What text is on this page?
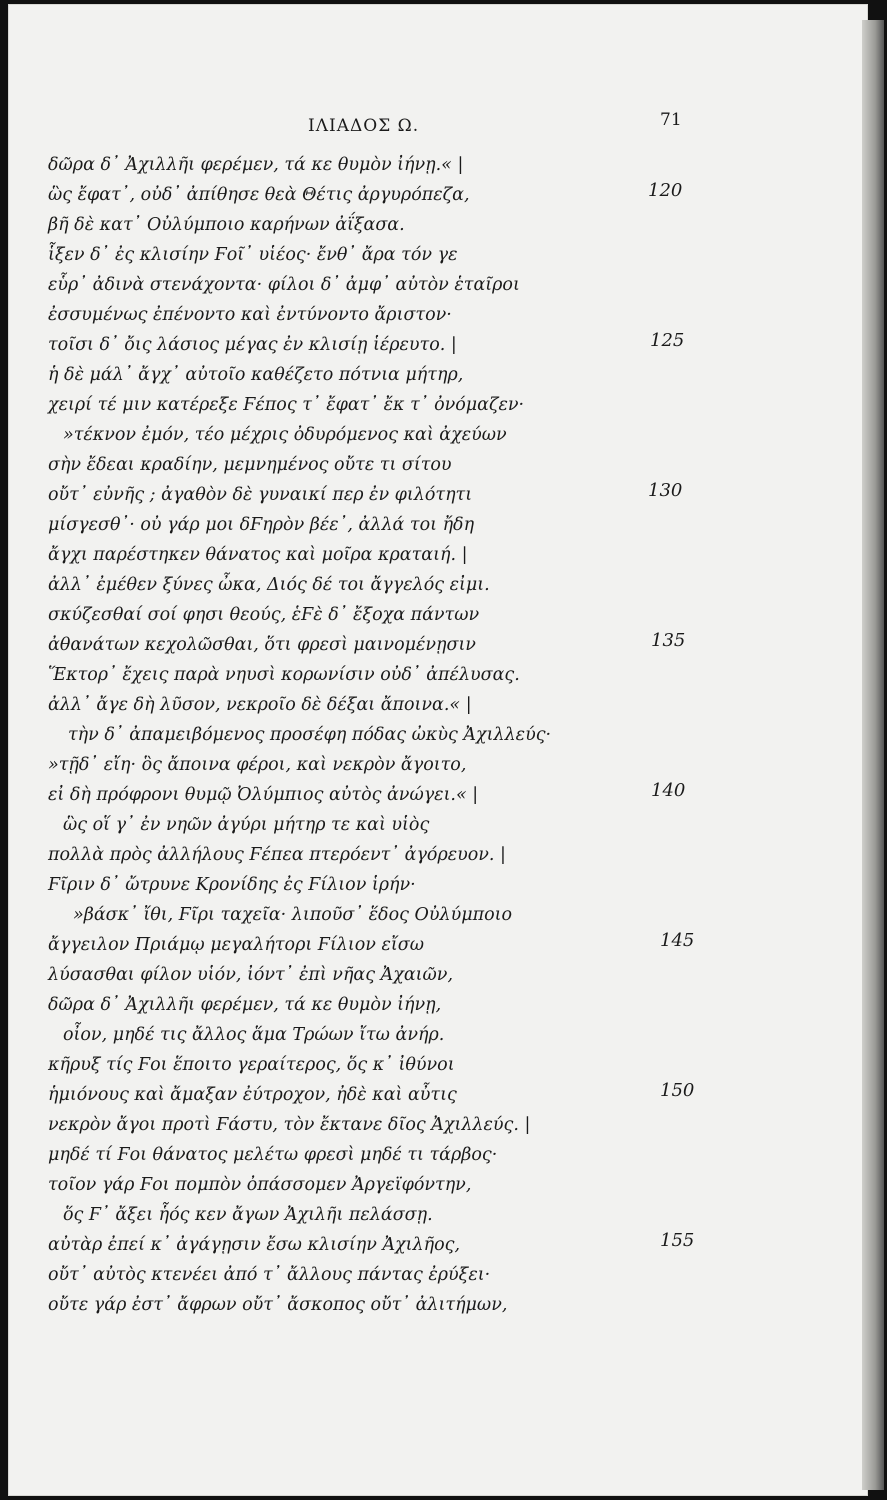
ΙΛΙΑΔΟΣ Ω.	71
δῶρα δ᾽ Ἀχιλλῆι φερέμεν, τά κε θυμὸν ἰήνῃ.« |
ὣς ἔφατ᾽, οὐδ᾽ ἀπίθησε θεὰ Θέτις ἀργυρόπεζα,
βῆ δὲ κατ᾽ Οὐλύμποιο καρήνων ἀΐξασα.
ἷξεν δ᾽ ἐς κλισίην Ϝοῖ᾽ υἱέος· ἔνθ᾽ ἄρα τόν γε
εὗρ᾽ ἀδινὰ στενάχοντα· φίλοι δ᾽ ἀμφ᾽ αὐτὸν ἑταῖροι
ἐσσυμένως ἐπένοντο καὶ ἐντύνοντο ἄριστον·
τοῖσι δ᾽ ὄις λάσιος μέγας ἐν κλισίῃ ἱέρευτο. |
ἡ δὲ μάλ᾽ ἄγχ᾽ αὐτοῖο καθέζετο πότνια μήτηρ,
χειρί τέ μιν κατέρεξε Ϝέπος τ᾽ ἔφατ᾽ ἔκ τ᾽ ὀνόμαζεν·
»τέκνον ἐμόν, τέο μέχρις ὀδυρόμενος καὶ ἀχεύων
σὴν ἔδεαι κραδίην, μεμνημένος οὔτε τι σίτου
οὔτ᾽ εὐνῆς ; ἀγαθὸν δὲ γυναικί περ ἐν φιλότητι
μίσγεσθ᾽· οὐ γάρ μοι δϜηρὸν βέε᾽, ἀλλά τοι ἤδη
ἄγχι παρέστηκεν θάνατος καὶ μοῖρα κραταιή. |
ἀλλ᾽ ἐμέθεν ξύνες ὦκα, Διός δέ τοι ἄγγελός εἰμι.
σκύζεσθαί σοί φησι θεούς, ἑϜὲ δ᾽ ἔξοχα πάντων
ἀθανάτων κεχολῶσθαι, ὅτι φρεσὶ μαινομένῃσιν
Ἕκτορ᾽ ἔχεις παρὰ νηυσὶ κορωνίσιν οὐδ᾽ ἀπέλυσας.
ἀλλ᾽ ἄγε δὴ λῦσον, νεκροῖο δὲ δέξαι ἄποινα.« |
τὴν δ᾽ ἀπαμειβόμενος προσέφη πόδας ὠκὺς Ἀχιλλεύς·
»τῇδ᾽ εἴη· ὃς ἄποινα φέροι, καὶ νεκρὸν ἄγοιτο,
εἰ δὴ πρόφρονι θυμῷ Ὀλύμπιος αὐτὸς ἀνώγει.« |
ὣς οἵ γ᾽ ἐν νηῶν ἀγύρι μήτηρ τε καὶ υἱὸς
πολλὰ πρὸς ἀλλήλους Ϝέπεα πτερόεντ᾽ ἀγόρευον. |
Ϝῖριν δ᾽ ὤτρυνε Κρονίδης ἐς Ϝίλιον ἱρήν·
»βάσκ᾽ ἴθι, Ϝῖρι ταχεῖα· λιποῦσ᾽ ἕδος Οὐλύμποιο
ἄγγειλον Πριάμῳ μεγαλήτορι Ϝίλιον εἴσω
λύσασθαι φίλον υἱόν, ἰόντ᾽ ἐπὶ νῆας Ἀχαιῶν,
δῶρα δ᾽ Ἀχιλλῆι φερέμεν, τά κε θυμὸν ἰήνῃ,
οἶον, μηδέ τις ἄλλος ἅμα Τρώων ἴτω ἀνήρ.
κῆρυξ τίς Ϝοι ἕποιτο γεραίτερος, ὅς κ᾽ ἰθύνοι
ἡμιόνους καὶ ἄμαξαν ἐύτροχον, ἠδὲ καὶ αὖτις
νεκρὸν ἄγοι προτὶ Ϝάστυ, τὸν ἔκτανε δῖος Ἀχιλλεύς. |
μηδέ τί Ϝοι θάνατος μελέτω φρεσὶ μηδέ τι τάρβος·
τοῖον γάρ Ϝοι πομπὸν ὀπάσσομεν Ἀργεϊφόντην,
ὅς Ϝ᾽ ἄξει ἧός κεν ἄγων Ἀχιλῆι πελάσσῃ.
αὐτὰρ ἐπεί κ᾽ ἀγάγῃσιν ἔσω κλισίην Ἀχιλῆος,
οὔτ᾽ αὐτὸς κτενέει ἀπό τ᾽ ἄλλους πάντας ἐρύξει·
οὔτε γάρ ἐστ᾽ ἄφρων οὔτ᾽ ἄσκοπος οὔτ᾽ ἀλιτήμων,
120
125
130
135
140
145
150
155
